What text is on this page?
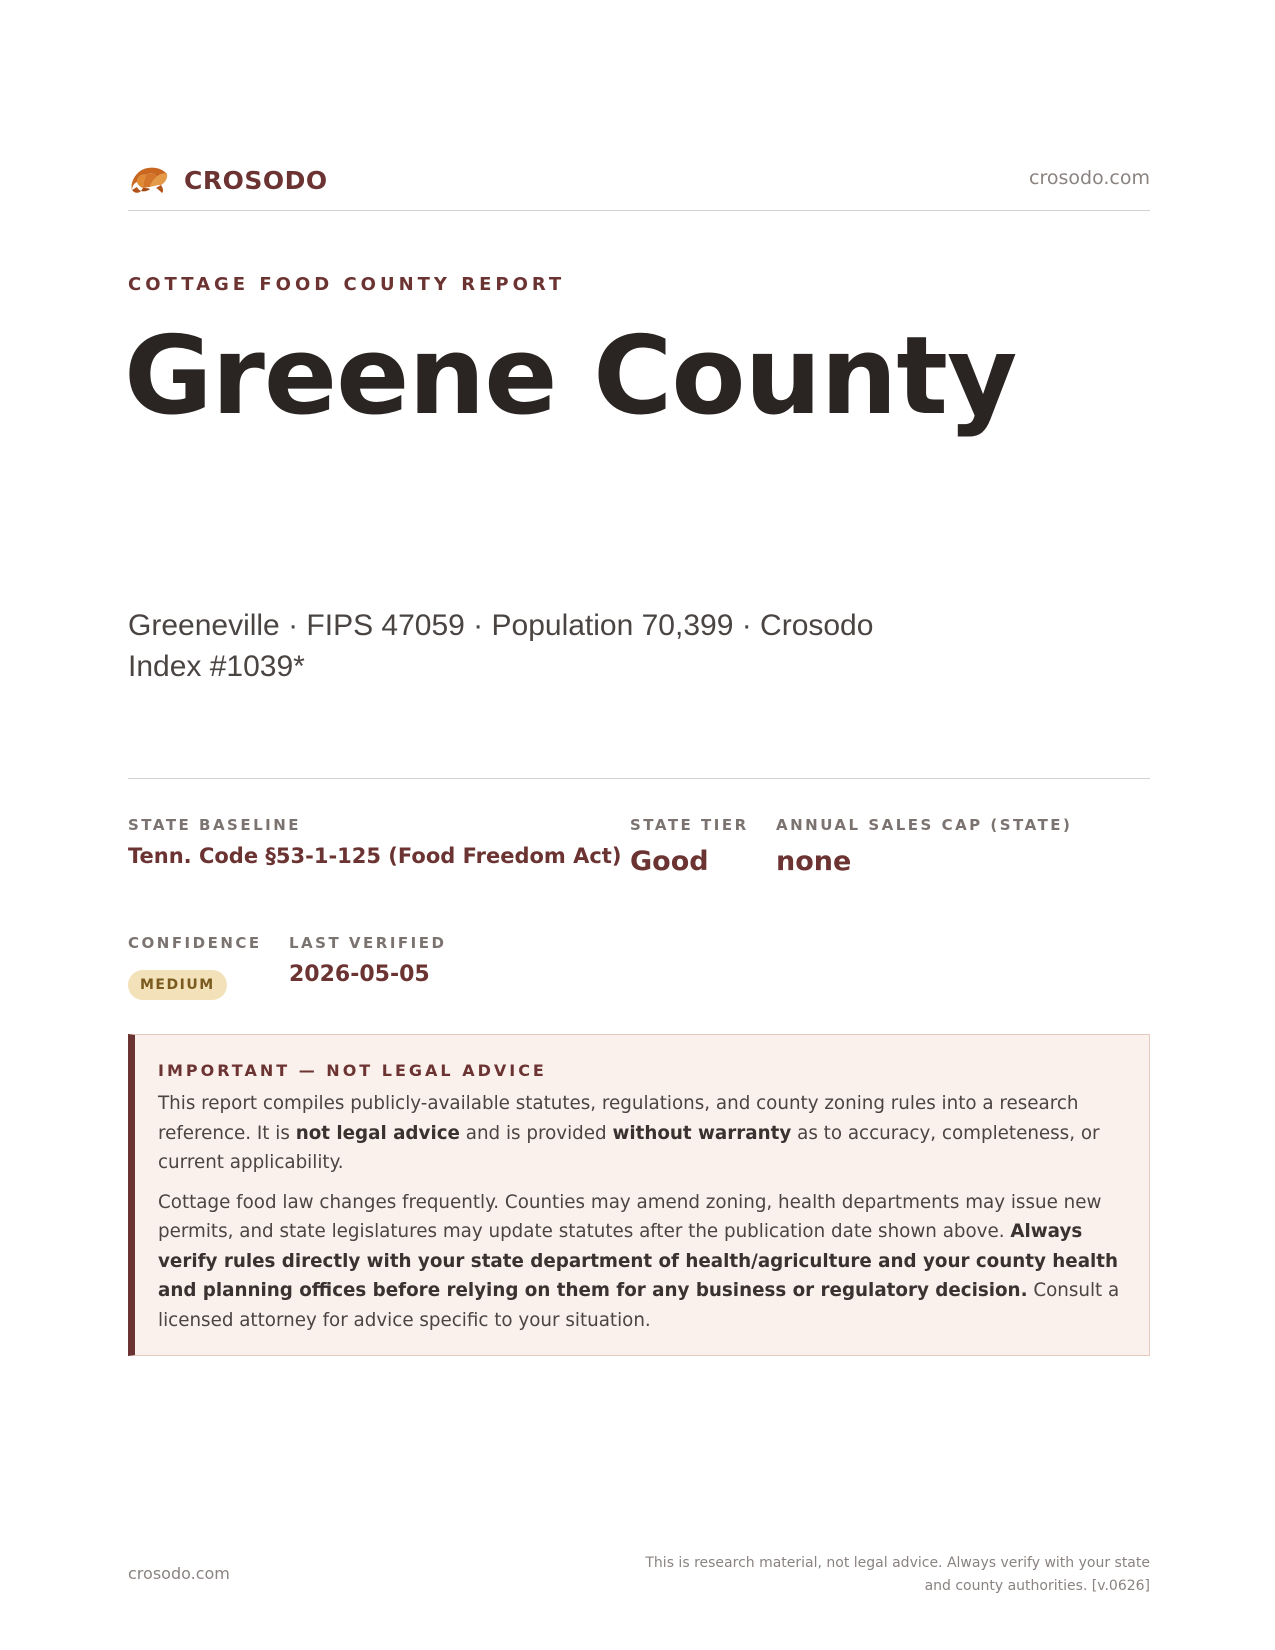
CROSODO	crosodo.com
COTTAGE FOOD COUNTY REPORT
Greene County
Greeneville · FIPS 47059 · Population 70,399 · Crosodo Index #1039*
STATE BASELINE
Tenn. Code §53-1-125 (Food Freedom Act)
STATE TIER
Good
ANNUAL SALES CAP (STATE)
none
CONFIDENCE
MEDIUM
LAST VERIFIED
2026-05-05
IMPORTANT — NOT LEGAL ADVICE

This report compiles publicly-available statutes, regulations, and county zoning rules into a research reference. It is not legal advice and is provided without warranty as to accuracy, completeness, or current applicability.

Cottage food law changes frequently. Counties may amend zoning, health departments may issue new permits, and state legislatures may update statutes after the publication date shown above. Always verify rules directly with your state department of health/agriculture and your county health and planning offices before relying on them for any business or regulatory decision. Consult a licensed attorney for advice specific to your situation.

crosodo.com
This is research material, not legal advice. Always verify with your state
and county authorities. [v.0626]
